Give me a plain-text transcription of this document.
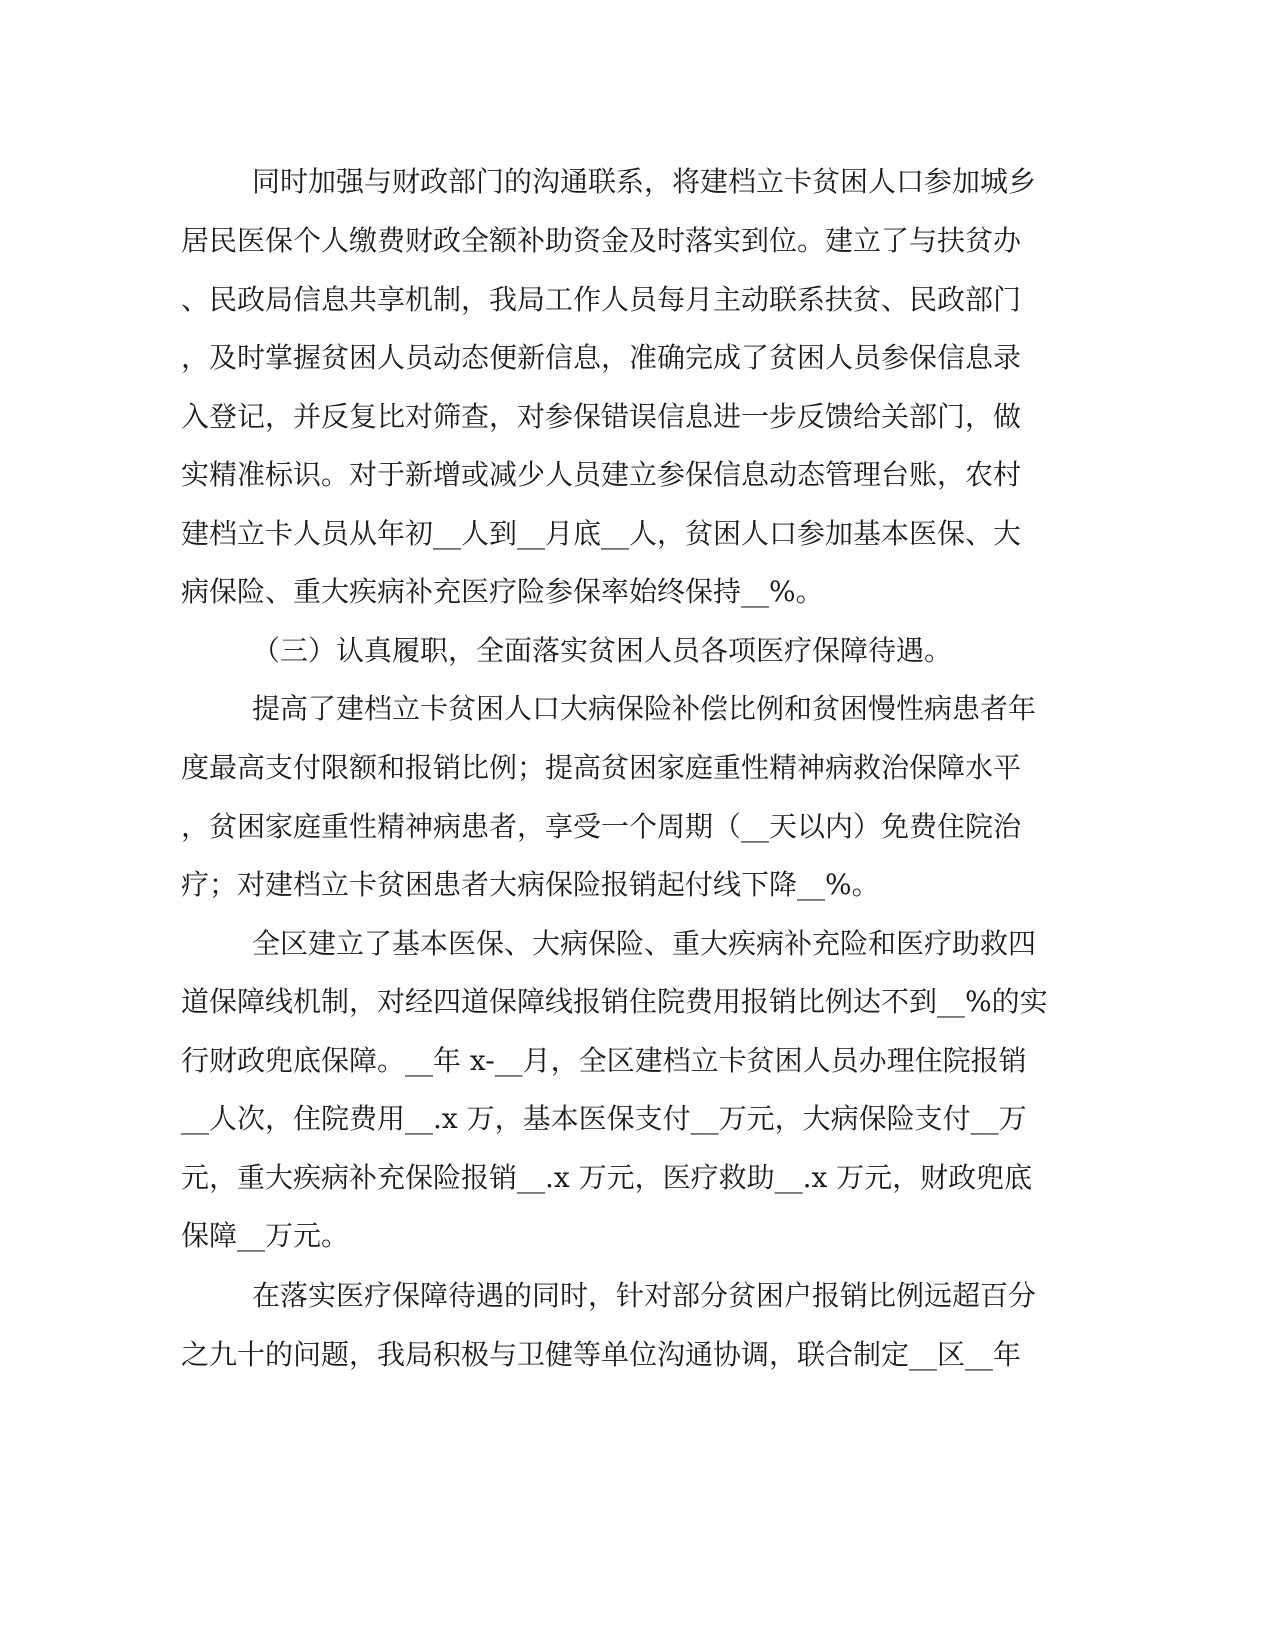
同时加强与财政部门的沟通联系，将建档立卡贫困人口参加城乡

居民医保个人缴费财政全额补助资金及时落实到位。建立了与扶贫办

、民政局信息共享机制，我局工作人员每月主动联系扶贫、民政部门

，及时掌握贫困人员动态便新信息，准确完成了贫困人员参保信息录

入登记，并反复比对筛查，对参保错误信息进一步反馈给关部门，做

实精准标识。对于新增或减少人员建立参保信息动态管理台账，农村

建档立卡人员从年初__人到__月底__人，贫困人口参加基本医保、大

病保险、重大疾病补充医疗险参保率始终保持__%。

（三）认真履职，全面落实贫困人员各项医疗保障待遇。

提高了建档立卡贫困人口大病保险补偿比例和贫困慢性病患者年

度最高支付限额和报销比例；提高贫困家庭重性精神病救治保障水平

，贫困家庭重性精神病患者，享受一个周期（__天以内）免费住院治

疗；对建档立卡贫困患者大病保险报销起付线下降__%。

全区建立了基本医保、大病保险、重大疾病补充险和医疗助救四

道保障线机制，对经四道保障线报销住院费用报销比例达不到__%的实

行财政兜底保障。__年 x-__月，全区建档立卡贫困人员办理住院报销

__人次，住院费用__.x 万，基本医保支付__万元，大病保险支付__万

元，重大疾病补充保险报销__.x 万元，医疗救助__.x 万元，财政兜底

保障__万元。

在落实医疗保障待遇的同时，针对部分贫困户报销比例远超百分

之九十的问题，我局积极与卫健等单位沟通协调，联合制定__区__年
